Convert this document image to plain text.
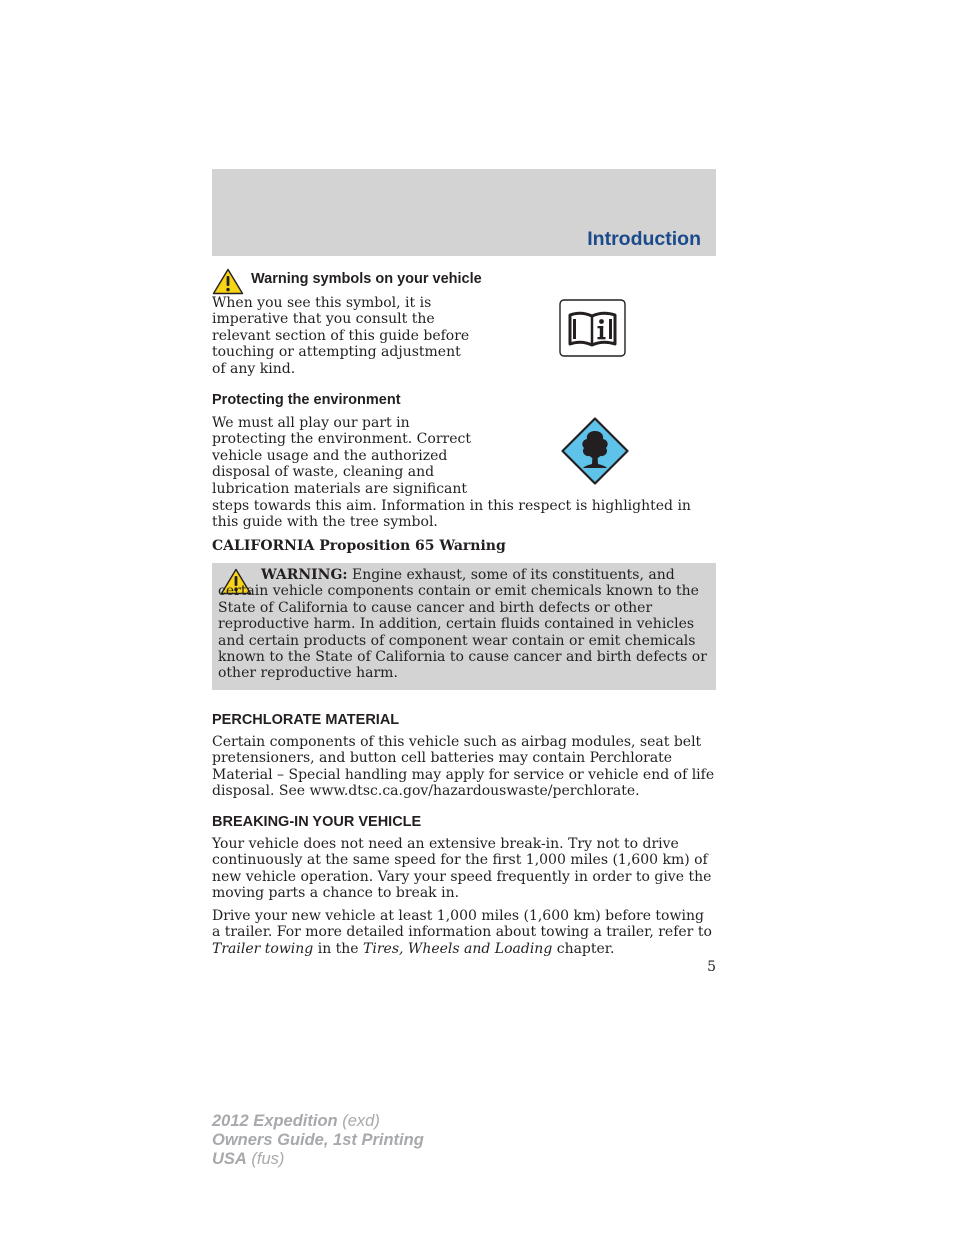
Introduction
Warning symbols on your vehicle

When you see this symbol, it is imperative that you consult the relevant section of this guide before touching or attempting adjustment of any kind.

Protecting the environment

We must all play our part in protecting the environment. Correct vehicle usage and the authorized disposal of waste, cleaning and lubrication materials are significant

steps towards this aim. Information in this respect is highlighted in this guide with the tree symbol.

CALIFORNIA Proposition 65 Warning

WARNING: Engine exhaust, some of its constituents, and certain vehicle components contain or emit chemicals known to the State of California to cause cancer and birth defects or other reproductive harm. In addition, certain fluids contained in vehicles and certain products of component wear contain or emit chemicals known to the State of California to cause cancer and birth defects or other reproductive harm.

PERCHLORATE MATERIAL

Certain components of this vehicle such as airbag modules, seat belt pretensioners, and button cell batteries may contain Perchlorate Material – Special handling may apply for service or vehicle end of life disposal. See www.dtsc.ca.gov/hazardouswaste/perchlorate.

BREAKING-IN YOUR VEHICLE

Your vehicle does not need an extensive break-in. Try not to drive continuously at the same speed for the first 1,000 miles (1,600 km) of new vehicle operation. Vary your speed frequently in order to give the moving parts a chance to break in.

Drive your new vehicle at least 1,000 miles (1,600 km) before towing a trailer. For more detailed information about towing a trailer, refer to Trailer towing in the Tires, Wheels and Loading chapter.

5
2012 Expedition (exd)
Owners Guide, 1st Printing
USA (fus)
